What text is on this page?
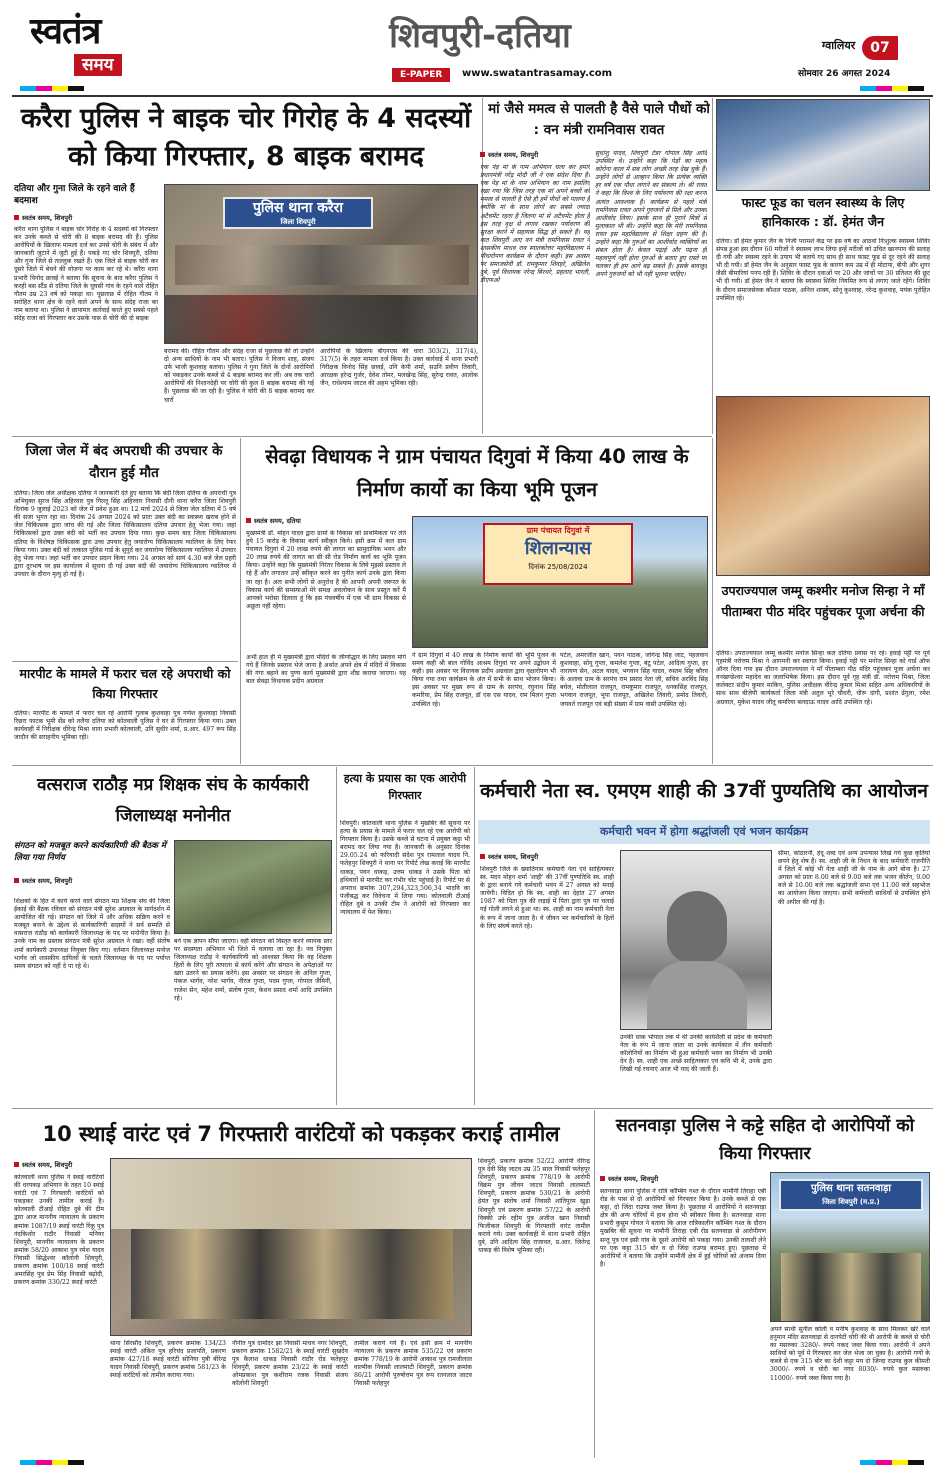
स्वतंत्र
समय
शिवपुरी-दतिया
E-PAPER	www.swatantrasamay.com
ग्वालियर	07
सोमवार 26 अगस्त 2024
करैरा पुलिस ने बाइक चोर गिरोह के 4 सदस्यों को किया गिरफ्तार, 8 बाइक बरामद
दतिया और गुना जिले के रहने वाले हैं बदमाश
स्वतंत्र समय, शिवपुरी
करैरा थाना पुलिस ने बाइक चोर गिरोह के 4 सदस्यों को गिरफ्तार कर उनके कब्जे से चोरी की 8 बाइक बरामद की हैं। पुलिस आरोपियों के खिलाफ मामला दर्ज कर उनसे चोरी के संबंध में और जानकारी जुटाने में जुटी हुई हैं। पकड़े गए चोर शिवपुरी, दतिया और गुना जिले से ताल्लुक रखते हैं। एक जिले से बाइक चोरी कर दूसरे जिले में बेचने की योजना पर काम कर रहे थे। करैरा थाना प्रभारी विनोद छावई ने बताया कि सूचना के बाद करैरा पुलिस ने करही बस स्टैंड से दतिया जिले के घुघसी गांव के रहने वाले रोहित गौतम उम्र 23 वर्ष को पकड़ा था। पूछताछ में रोहित गौतम ने सरोहित थाना क्षेत्र के रहने वाले अपने के साथ संदेह राजा का नाम बताया था। पुलिस ने छापामार कार्रवाई करते हुए सबसे पहले संदेह राजा को गिरफ्तार कर उसके पास से चोरी की दो बाइक
पुलिस थाना करैरा
जिला शिवपुरी
बरामद की। रोहित गौतम और संदेह राजा से पूछताछ की तो उन्होंने दो अन्य साथियों के नाम भी बताए। पुलिस ने विजय शाह, संजय उर्फ भाजी कुशवाह बताया। पुलिस ने गुना जिले के दोनों आरोपियों को पकड़कर उनके कब्जे से 4 बाइक बरामद कर लीं। अब तक चारों आरोपियों की निशानदेही पर चोरी की कुल 8 बाइक बरामद की गई हैं। पूछताछ की जा रही है। पुलिस ने चोरी की 8 बाइक बरामद कर चारों
आरोपियों के खिलाफ बीएनएस की धारा 303(2), 317(4), 317(5) के तहत मामला दर्ज किया है। उक्त कार्रवाई में थाना प्रभारी निरीक्षक विनोद सिंह छावई, उनि केपी शर्मा, सउनि प्रवीण तिवारी, आरक्षक हरेन्द्र गुर्जर, देवेश तोमर, मलखेन्द्र सिंह, सुरेन्द्र रावत, आलोक जैन, राधेश्याम जाटव की अहम भूमिका रही।
मां जैसे ममत्व से पालती है वैसे पाले पौधों को : वन मंत्री रामनिवास रावत
स्वतंत्र समय, शिवपुरी
एक पेड़ मां के नाम अभियान चला कर हमारे प्रधानमंत्री नरेंद्र मोदी जी ने एक संदेश दिया है। एक पेड़ मां के नाम अभियान का नाम इसलिए रखा गया कि जिस तरह एक मां अपने बच्चों को ममत्व से पालती है ऐसे ही हमें पौधों को पालना है क्योंकि मां के साथ लोगों का सबसे ज्यादा अटैचमेंट रहता है जितना मां से अटैचमेंट होता है इस तरह वृक्ष से लगाव रखकर पर्यावरण की सुरक्षा करने में सहायक सिद्ध हो सकते हैं। यह बात शिवपुरी आए वन मंत्री रामनिवास रावत ने शासकीय माधव राव स्नातकोत्तर महाविद्यालय में पौधारोपण कार्यक्रम के दौरान कही। इस अवसर पर समाजसेवी डॉ. रामकुमार शिवहरे, अखिलेश दुबे, पूर्व विधायक नरेन्द्र बिरथरे, प्रहलाद भारती, डीएफओ
सुधांशु यादव, शिवपुरी टेंडर गोपाल सिंह आदि उपस्थित थे। उन्होंने कहा कि पेड़ों का महत्व कोरोना काल में सब लोग अच्छी तरह देख चुके हैं। उन्होंने लोगों से आव्हान किया कि प्रत्येक व्यक्ति हर वर्ष एक पौधा लगाने का संकल्प ले। श्री रावत ने कहा कि विश्व के लिए पर्यावरण की रक्षा करना अत्यंत आवश्यक है। कार्यक्रम से पहले मंत्री रामनिवास रावत अपने गुरुजनों से मिले और उनका आशीर्वाद लिया। इसके साथ ही पुराने मित्रों से मुलाकात भी की। उन्होंने कहा कि मेरी रामनिवास रावत इस महाविद्यालय से शिक्षा ग्रहण की है। उन्होंने कहा कि गुरुओं का आशीर्वाद व्यक्तियों का संबल होता है। केवल पढ़ाई और पढ़ना ही महत्वपूर्ण नहीं होता गुरुओं के बताए हुए रास्ते पर चलकर ही हम आगे बढ़ सकते हैं। इसके बावजूद अपने गुरुजनों को भी नहीं भूलना चाहिए।
फास्ट फूड का चलन स्वास्थ्य के लिए हानिकारक : डॉ. हेमंत जैन
दतिया। डॉ हेमंत कुमार जैन के निजी परामर्श केंद्र पर इस वर्ष का आठवां निःशुल्क स्वास्थ्य शिविर संपन्न हुआ इस दौरान 60 मरीजों ने स्वास्थ्य लाभ लिया इन्हें मरीजों को उचित खानपान की सलाह दी गयी और स्वस्थ्य रहने के उपाय भी बताये गए साथ ही साथ फास्ट फूड से दूर रहने की सलाह भी दी गयी। डॉ हेमंत जैन के अनुसार फास्ट फूड के कारण कम उम्र में ही मोटापा, बीपी और शुगर जैसी बीमारियां पनप रही हैं। शिविर के दौरान दवाओं पर 20 और जांचों पर 30 प्रतिशत की छूट भी दी गयी। डॉ हेमंत जैन ने बताया कि स्वास्थ्य शिविर नियमित रूप से लगाए जाते रहेंगे। शिविर के दौरान समाजसेवक कौशल पाठक, अनिल शाक्य, सोनू कुशवाह, नरेन्द्र कुशवाह, मयंक पुरोहित उपस्थित रहे।
जिला जेल में बंद अपराधी की उपचार के दौरान हुई मौत
दतिया। जिला जेल अधीक्षक दतिया ने जानकारी देते हुए बताया कि बंदी जिला दतिया के अपराधी पुत्र अभियुक्त सुरज सिंह अहिरवार पुत्र गिल्लू सिंह अहिरवार निवासी दौनी थाना करैरा जिला शिवपुरी दिनांक 9 जुलाई 2023 को जेल में प्रवेश हुआ था। 12 मार्च 2024 से जिला जेल दतिया में 5 वर्ष की सजा भुगत रहा था। दिनांक 24 अगस्त 2024 को प्रातः उक्त बंदी का स्वास्थ्य खराब होने से जेल चिकित्सक द्वारा जांच की गई और जिला चिकित्सालय दतिया उपचार हेतु भेजा गया। जहां चिकित्सकों द्वारा उक्त बंदी को भर्ती कर उपचार दिया गया। कुछ समय बाद जिला चिकित्सालय दतिया के विशेषज्ञ चिकित्सक द्वारा उच्च उपचार हेतु जयारोग्य चिकित्सालय ग्वालियर के लिए रेफर किया गया। उक्त बंदी को तत्काल पुलिस गार्ड के सुपुर्द कर जयारोग्य चिकित्सालय ग्वालियर में उपचार हेतु भेजा गया। जहां भर्ती कर उपचार प्रदान किया गया। 24 अगस्त को सायं 4.30 बजे जेल प्रहरी द्वारा दूरभाष पर इस कार्यालय में सूचना दी गई उक्त बंदी की जयारोग्य चिकित्सालय ग्वालियर में उपचार के दौरान मृत्यु हो गई है।
मारपीट के मामले में फरार चल रहे अपराधी को किया गिरफ्तार
दतिया। मारपीट के मामले में फरार चल रहे आरोपी गुलाब कुशवाहा पुत्र गणेश कुशवाहा निवासी रिछरा फाटक भूमी सेंड को तलैया दतिया को कोतवाली पुलिस ने घर से गिरफ्तार किया गया। उक्त कार्यवाही में निरीक्षक धीरेन्द्र मिश्रा थाना प्रभारी कोतवाली, उनि सुधीर शर्मा, प्र.आर. 497 रूप सिंह जादौन की सराहनीय भूमिका रही।
सेवढ़ा विधायक ने ग्राम पंचायत दिगुवां में किया 40 लाख के निर्माण कार्यो का किया भूमि पूजन
स्वतंत्र समय, दतिया
मुख्यमंत्री डॉ. मोहन यादव द्वारा ग्रामों के विकास को प्राथमिकता पर लेते हुये 15 करोड़ के विकास कार्य स्वीकृत किये। इसी क्रम में कल ग्राम पंचायत दिगुवां में 20 लाख रुपये की लागत का सामुदायिक भवन और 20 लाख रुपये की लागत का सी सी रोड निर्माण कार्य का भूमि पूजन किया। उन्होंने कहा कि मुख्यमंत्री निरंतर विकास के लिये मुझसे प्रस्ताव ले रहे हैं और लगातार उन्हें स्वीकृत करने का पुनीत कार्य उनके द्वारा किया जा रहा है। अतः सभी लोगों से अनुरोध है की आपनी अपनी जरूरत के विकास कार्य की समस्याओं मेरे समक्ष अवलोकन के साथ प्रस्तुत करें मैं आपको भरोसा दिलाता हूं कि इस पंचवर्षीय में एक भी ग्राम विकास से अछूता नहीं रहेगा।
ग्राम पंचायत दिगुवां में
शिलान्यास
दिनांक 25/08/2024
अभी हाल ही में मुख्यमंत्री द्वारा मंदिरों के जीर्णोद्धार के लिए प्रस्ताव मांगे गये हैं जिनके प्रस्ताव भेजे जाना है अर्थात अपने क्षेत्र में मंदिरों में विकास की गंगा बहाने का पुण्य कार्य मुख्यमंत्री द्वारा शीघ्र कराया जाएगा। यह बात सेवढ़ा विधायक प्रदीप अग्रवाल
ने ग्राम दिगुवां में 40 लाख के निर्माण कार्यों की भूमि पूजन के समय कही श्री बाल गोविंद आश्रम दिगुवां पर अपने उद्बोधन में कही। इस अवसर पर विधायक प्रदीप अग्रवाल द्वारा वृक्षारोपण भी किया गया तथा कार्यक्रम के अंत में सभी के साथ भोजन किया। इस अवसर पर मुख्य रूप से ग्राम के सरपंच, रघुनाथ सिंह कमरिया, प्रेम सिंह राजपूत, डॉ एस एस यादव, राम मिलन गुप्ता उपस्थित रहे।
पटेल, अमरजीत खान, पवन पाठक, जोगेन्द्र सिंह जाट, पहलवान कुशवाहा, सोनू गुप्ता, कमलेश गुप्ता, बंटू पटेल, आदित्य गुप्ता, हर नारायण सेन, अटल यादव, भगवान सिंह यादव, रुस्तम सिंह कौरव के अलावा ग्राम के सरपंच राम प्रसाद नेता जी, सचिव अरविंद सिंह बघेल, मोतीलाल राजपूत, रामकुमार राजपूत, धनकसिंह राजपूत, भगवान राजपूत, भूपा राजपूत, अखिलेश तिवारी, प्रमोद तिवारी, जयवर्त राजपूत एवं बड़ी संख्या में ग्राम वासी उपस्थित रहे।
उपराज्यपाल जम्मू कश्मीर मनोज सिन्हा ने माँ पीताम्बरा पीठ मंदिर पहुंचकर पूजा अर्चना की
दतिया। उपराज्यपाल जम्मू कश्मीर मनोज सिन्हा कल दतिया प्रवास पर रहे। हवाई पट्टी पर पूर्व गृहमंत्री नरोत्तम मिश्रा ने आगमनी कर स्वागत किया। हवाई पट्टी पर मनोज सिन्हा को गार्ड ऑफ ऑनर दिया गया इस दौरान उपराज्यपाल ने माँ पीताम्बरा पीठ मंदिर पहुंचकर पूजा अर्चना कर वनखण्डेश्वर महादेव का जलाभिषेक किया। इस दौरान पूर्व गृह मंत्री डॉ. नरोत्तम मिश्रा, जिला कलेक्टर संदीप कुमार माकिन, पुलिस अधीक्षक वीरेन्द्र कुमार मिश्रा सहित अन्य अधिकारियों के साथ साथ बीजेपी कार्यकर्ता जिला मंत्री अतुल भूरे चौधरी, धीरू दांगी, प्रशांत ढेंगुला, रमेश अग्रवाल, मुकेश यादव जीतू कमरिया बलदाऊ यादव आदि उपस्थित रहे।
वत्सराज राठौड़ मप्र शिक्षक संघ के कार्यकारी जिलाध्यक्ष मनोनीत
संगठन को मजबूत करने कार्यकारिणी की बैठक में लिया गया निर्णय
स्वतंत्र समय, शिवपुरी
शिक्षकों के हित में कार्य करने वाले संगठन मप्र शिक्षक संघ की जिला ईकाई की बैठक रविवार को संगठन मंत्री सुरेश अग्रवाल के मार्गदर्शन में आयोजित की गई। संगठन को जिले में और अधिक सक्रिय करने व मजबूत बनाने के उद्देश्य से कार्यकारिणी सदस्यों ने सर्व सम्मति से वत्सराज राठौड़ को कार्यकारी जिलाध्यक्ष के पद पर मनोनीत किया है। उनके नाम का प्रस्ताव संगठन मंत्री सुरेश अग्रवाल ने रखा। वहीं संतोष शर्मा कार्यकारी उपाध्यक्ष नियुक्त किए गए। वर्तमान जिलाध्यक्ष मनोज भार्गव जो शासकीय दायित्वों के चलते जिलाध्यक्ष के पद पर पर्याप्त समय संगठन को नहीं दे पा रहे थे।
बने एक ज्ञापन सौंपा जाएगा। वहीं संगठन को विस्तृत करने व्यापक स्तर पर सदस्यता अभियान भी जिले में चलाया जा रहा है। नव नियुक्त जिलाध्यक्ष राठौड़ ने कार्यकारिणी को आश्वस्त किया कि वह शिक्षक हितों के लिए पूरी तत्परता से कार्य करेंगे और संगठन के अपेक्षाओं पर खरा उतरने का प्रयास करेंगे। इस अवसर पर संगठन के अनिल गुप्ता, पंकज भार्गव, नरेश भार्गव, नीरज गुप्ता, पदम गुप्ता, गोपाल जैमिनी, राजेश सेन, महेश शर्मा, संतोष गुप्ता, केशव प्रसाद शर्मा आदि उपस्थित रहे।
हत्या के प्रयास का एक आरोपी गिरफ्तार
शिवपुरी। कोतवाली थाना पुलिस ने मुखबिर की सूचना पर हत्या के प्रयास के मामले में फरार चल रहे एक आरोपी को गिरफ्तार किया है। उसके कब्जे से घटना में प्रयुक्त कट्टा भी बरामद कर लिया गया है। जानकारी के अनुसार दिनांक 29.05.24 को फरियादी संदेश पुत्र रामलाल यादव नि. फतेहपुर शिवपुरी ने थाना पर रिपोर्ट लेख कराई कि मारपीट धाकड़, पवन धाकड़, उत्तम धाकड़ ने उसके पिता को हथियारों से मारपीट कर गंभीर चोट पहुंचाई है। रिपोर्ट पर से अपराध क्रमांक 307,294,323,506,34 भादवि का पंजीबद्ध कर विवेचना में लिया गया। कोतवाली टीआई रोहित दुबे व उनकी टीम ने आरोपी को गिरफ्तार कर न्यायालय में पेश किया।
कर्मचारी नेता स्व. एमएम शाही की 37वीं पुण्यतिथि का आयोजन
कर्मचारी भवन में होगा श्रद्धांजली एवं भजन कार्यक्रम
स्वतंत्र समय, शिवपुरी
शिवपुरी जिले के ख्यातिनाम कर्मचारी नेता एवं साहित्यकार स्व. मदन मोहन शर्मा 'शाही' की 37वीं पुण्यतिथि स्व. शाही के द्वारा बनाये गये कर्मचारी भवन में 27 अगस्त को मनाई जायेगी। विदित हो कि स्व. शाही का देहांत 27 अगस्त 1987 को पिता पुत्र की लड़ाई में पिता द्वारा पुत्र पर चलाई गई गोली लगने से हुआ था। स्व. शाही का नाम कर्मचारी नेता के रूप में जाना जाता है। वे जीवन भर कर्मचारियों के हितों के लिए संघर्ष करते रहे।
उनकी धाक भोपाल तक में थी उनकी कार्यशैली से प्रदेश के कर्मचारी नेता के रूप में जाना जाता था उनके कार्यकाल में तीन कर्मचारी कॉलोनियों का निर्माण भी हुआ कर्मचारी भवन का निर्माण भी उनकी देन है। स्व. शाही एक अच्छे साहित्यकार एवं कवि भी थे, उनके द्वारा लिखी गई रचनाएं आज भी याद की जाती हैं।
सीमा, कोठारनी, हंदू शब्द एवं अन्य उपन्यास लिखे गये कुछ कृतियां छपने हेतु शेष हैं। स्व. शाही जी के निधन के बाद कर्मचारी राजनीति में जिले में कोई भी नेता शाही जी के नाम के आगे बोना है। 27 अगस्त को प्रातः 8.00 बजे से 9.00 बजे तक भजन कीर्तन, 9.00 बजे से 10.00 बजे तक श्रद्धांजली सभा एवं 11.00 बजे सहभोज का आयोजन किया जाएगा। सभी कर्मचारी साथियों से उपस्थित होने की अपील की गई है।
10 स्थाई वारंट एवं 7 गिरफ्तारी वारंटियों को पकड़कर कराई तामील
स्वतंत्र समय, शिवपुरी
कोतवाली थाना पुलिस ने स्थाई वारंटियों की धरपकड़ अभियान के तहत 10 स्थाई वारंटी एवं 7 गिरफ्तारी वारंटियों को पकड़कर उनकी तामील कराई है। कोतवाली टीआई रोहित दुबे की टीम द्वारा आज माननीय न्यायालय के प्रकरण क्रमांक 1087/19 स्थाई वारंटी रिंकू पुत्र नंदकिशोर राठौर निवासी मनियर शिवपुरी, माननीय न्यायालय के प्रकरण क्रमांक 58/20 आकाश पुत्र रमेश यादव निवासी सिद्धेश्वर कॉलोनी शिवपुरी, प्रकरण क्रमांक 100/18 स्थाई वारंटी अमरसिंह पुत्र प्रेम सिंह निवासी बढ़ोदी, प्रकरण क्रमांक 330/22 स्थाई वारंटी
थाना सिरसौद शिवपुरी, प्रकरण क्रमांक 134/23 स्थाई वारंटी अंकित पुत्र हरिचंद प्रजापति, प्रकरण क्रमांक 427/18 स्थाई वारंटी सोनिया पुत्री बीरेन्द्र यादव निवासी शिवपुरी, प्रकरण क्रमांक 581/23 के स्थाई वारंटियों को तामील कराया गया।
नौनीत पुत्र दामोदर झा निवासी माधव नगर शिवपुरी, प्रकरण क्रमांक 1582/21 के स्थाई वारंटी सुखदेव पुत्र कैलाश धाकड़ निवासी राठौर रोड फतेहपुर शिवपुरी, प्रकरण क्रमांक 23/22 के स्थाई वारंटी ओमप्रकाश पुत्र कशीराम रजक निवासी संजय कॉलोनी शिवपुरी
तामील कराये गये हैं। एवं इसी क्रम में माननीय न्यायालय के प्रकरण क्रमांक 535/22 एवं प्रकरण क्रमांक 778/19 के आरोपी आकाश पुत्र रामजीलाल वाल्मीक निवासी लालमाटी शिवपुरी, प्रकरण क्रमांक 86/21 आरोपी पुरुषोत्तम पुत्र रूप रतनलाल जाटव निवासी फतेहपुर
शिवपुरी, प्रकरण क्रमांक 52/22 आरोपी धीरेन्द्र पुत्र देवी सिंह जाटव उम्र 35 साल निवासी फतेहपुर शिवपुरी, प्रकरण क्रमांक 778/19 के आरोपी विक्रम पुत्र जीवन जाटव निवासी लालमाटी शिवपुरी, प्रकरण क्रमांक 530/21 के आरोपी हेमंत पुत्र संतोष शर्मा निवासी शांतिपुरम खुड़ा शिवपुरी एवं प्रकरण क्रमांक 57/22 के आरोपी विक्की उर्फ रहीम पुत्र अजीज खान निवासी फिजीकल शिवपुरी के गिरफ्तारी वारंट तामील कराये गये। उक्त कार्यवाही में थाना प्रभारी रोहित दुबे, उनि आदित्य सिंह राजावत, प्र.आर. जितेन्द्र धाकड़ की विशेष भूमिका रही।
सतनवाड़ा पुलिस ने कट्टे सहित दो आरोपियों को किया गिरफ्तार
स्वतंत्र समय, शिवपुरी
सतनवाड़ा थाना पुलिस ने रात्रि कॉम्बिंग गश्त के दौरान मामौनी तिराहा एबी रोड के पास से दो आरोपियों को गिरफ्तार किया है। उनके कब्जे से एक कट्टा, दो जिंदा राउण्ड जब्त किया है। पूछताछ में आरोपियों ने सतनवाड़ा क्षेत्र की अन्य चोरियों में हाथ होना भी स्वीकार किया है। सतनवाड़ा थाना प्रभारी कुसुम गोयल ने बताया कि आज रात्रिकालीन कॉम्बिंग गश्त के दौरान मुखबिर की सूचना पर मामौनी तिराहा एबी रोड सतनवाड़ा से आरोपीगण सन्तू पुत्र एवं इसी गांव के दूसरे आरोपी को पकड़ा गया। उनकी तलाशी लेने पर एक कट्टा 315 बोर व दो जिंदा राउण्ड बरामद हुए। पूछताछ में आरोपियों ने बताया कि उन्होंने मामौनी क्षेत्र में हुई चोरियों को अंजाम दिया है।
पुलिस थाना सतनवाड़ा
जिला शिवपुरी (म.प्र.)
अपने साथी सुनील कोली व मनीष कुशवाह के साथ मिलकर खेरे वाले हनुमान मंदिर सतनवाड़ा से दानपेटी चोरी की थी आरोपी के कब्जे से चोरी का मसरुका 3280/- रुपये नकद जब्त किया गया। आरोपी ने अपने साथियों को पूर्व में गिरफ्तार कर जेल भेजा जा चुका है। आरोपी गणों के कब्जे से एक 315 बोर का देशी कट्टा मय दो जिन्दा राउण्ड कुल कीमती 3000/- रुपये व चोरी का नगद 8030/- रुपये कुल मसरुका 11000/- रुपये जब्त किया गया है।
